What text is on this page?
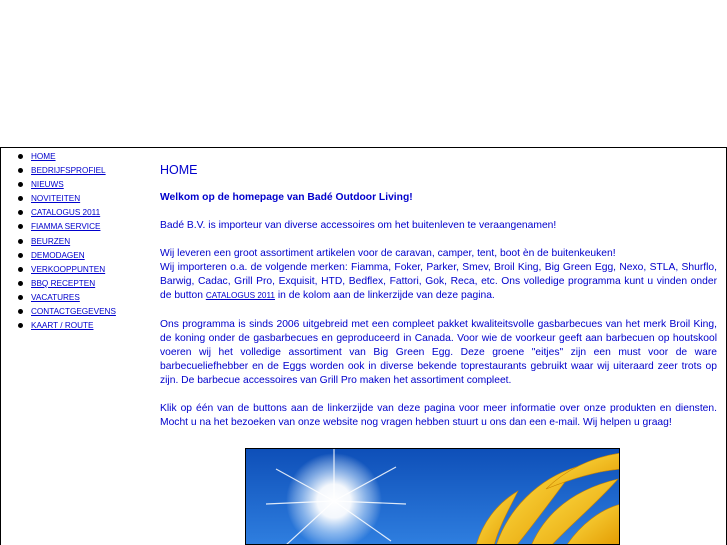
HOME
BEDRIJFSPROFIEL
NIEUWS
NOVITEITEN
CATALOGUS 2011
FIAMMA SERVICE
BEURZEN
DEMODAGEN
VERKOOPPUNTEN
BBQ RECEPTEN
VACATURES
CONTACTGEGEVENS
KAART / ROUTE
HOME
Welkom op de homepage van Badé Outdoor Living!

Badé B.V. is importeur van diverse accessoires om het buitenleven te veraangenamen!

Wij leveren een groot assortiment artikelen voor de caravan, camper, tent, boot èn de buitenkeuken!
Wij importeren o.a. de volgende merken: Fiamma, Foker, Parker, Smev, Broil King, Big Green Egg, Nexo, STLA, Shurflo, Barwig, Cadac, Grill Pro, Exquisit, HTD, Bedflex, Fattori, Gok, Reca, etc. Ons volledige programma kunt u vinden onder de button CATALOGUS 2011 in de kolom aan de linkerzijde van deze pagina.

Ons programma is sinds 2006 uitgebreid met een compleet pakket kwaliteitsvolle gasbarbecues van het merk Broil King, de koning onder de gasbarbecues en geproduceerd in Canada. Voor wie de voorkeur geeft aan barbecuen op houtskool voeren wij het volledige assortiment van Big Green Egg. Deze groene "eitjes" zijn een must voor de ware barbecueliefhebber en de Eggs worden ook in diverse bekende toprestaurants gebruikt waar wij uiteraard zeer trots op zijn. De barbecue accessoires van Grill Pro maken het assortiment compleet.

Klik op één van de buttons aan de linkerzijde van deze pagina voor meer informatie over onze produkten en diensten. Mocht u na het bezoeken van onze website nog vragen hebben stuurt u ons dan een e-mail. Wij helpen u graag!
